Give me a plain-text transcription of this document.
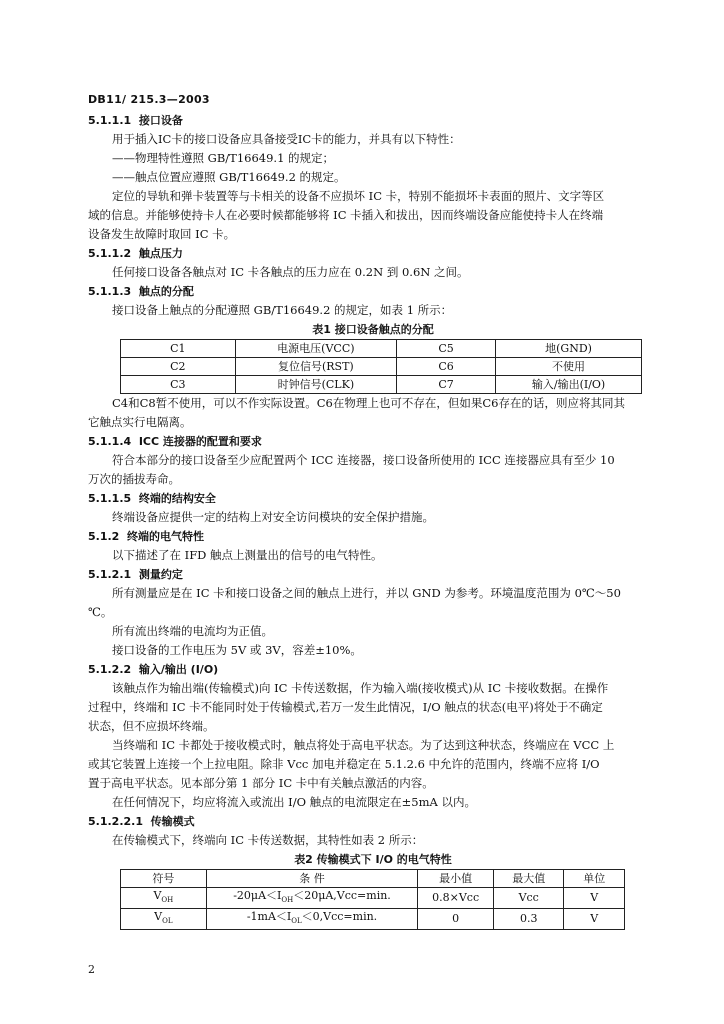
DB11/ 215.3—2003

5.1.1.1 接口设备

用于插入IC卡的接口设备应具备接受IC卡的能力，并具有以下特性：

——物理特性遵照 GB/T16649.1 的规定；

——触点位置应遵照 GB/T16649.2 的规定。

定位的导轨和弹卡装置等与卡相关的设备不应损坏 IC 卡，特别不能损坏卡表面的照片、文字等区

域的信息。并能够使持卡人在必要时候都能够将 IC 卡插入和拔出，因而终端设备应能使持卡人在终端

设备发生故障时取回 IC 卡。

5.1.1.2 触点压力

任何接口设备各触点对 IC 卡各触点的压力应在 0.2N 到 0.6N 之间。

5.1.1.3 触点的分配

接口设备上触点的分配遵照 GB/T16649.2 的规定，如表 1 所示：

表1 接口设备触点的分配

C1	电源电压(VCC)	C5	地(GND)
C2	复位信号(RST)	C6	不使用
C3	时钟信号(CLK)	C7	输入/输出(I/O)

C4和C8暂不使用，可以不作实际设置。C6在物理上也可不存在，但如果C6存在的话，则应将其同其

它触点实行电隔离。

5.1.1.4 ICC 连接器的配置和要求

符合本部分的接口设备至少应配置两个 ICC 连接器，接口设备所使用的 ICC 连接器应具有至少 10

万次的插拔寿命。

5.1.1.5 终端的结构安全

终端设备应提供一定的结构上对安全访问模块的安全保护措施。

5.1.2 终端的电气特性

以下描述了在 IFD 触点上测量出的信号的电气特性。

5.1.2.1 测量约定

所有测量应是在 IC 卡和接口设备之间的触点上进行，并以 GND 为参考。环境温度范围为 0℃～50

℃。

所有流出终端的电流均为正值。

接口设备的工作电压为 5V 或 3V，容差±10%。

5.1.2.2 输入/输出 (I/O)

该触点作为输出端(传输模式)向 IC 卡传送数据，作为输入端(接收模式)从 IC 卡接收数据。在操作

过程中，终端和 IC 卡不能同时处于传输模式,若万一发生此情况，I/O 触点的状态(电平)将处于不确定

状态，但不应损坏终端。

当终端和 IC 卡都处于接收模式时，触点将处于高电平状态。为了达到这种状态，终端应在 VCC 上

或其它装置上连接一个上拉电阻。除非 Vcc 加电并稳定在 5.1.2.6 中允许的范围内，终端不应将 I/O

置于高电平状态。见本部分第 1 部分 IC 卡中有关触点激活的内容。

在任何情况下，均应将流入或流出 I/O 触点的电流限定在±5mA 以内。

5.1.2.2.1 传输模式

在传输模式下，终端向 IC 卡传送数据，其特性如表 2 所示：

表2 传输模式下 I/O 的电气特性

符号	条 件	最小值	最大值	单位
$V_{OH}$	$-20\mu A<I_{OH}<20\mu A,Vcc=\min$.	0.8×Vcc	Vcc	V
$V_{OL}$	$-1mA<I_{OL}<0,Vcc=\min$.	0	0.3	V
2
